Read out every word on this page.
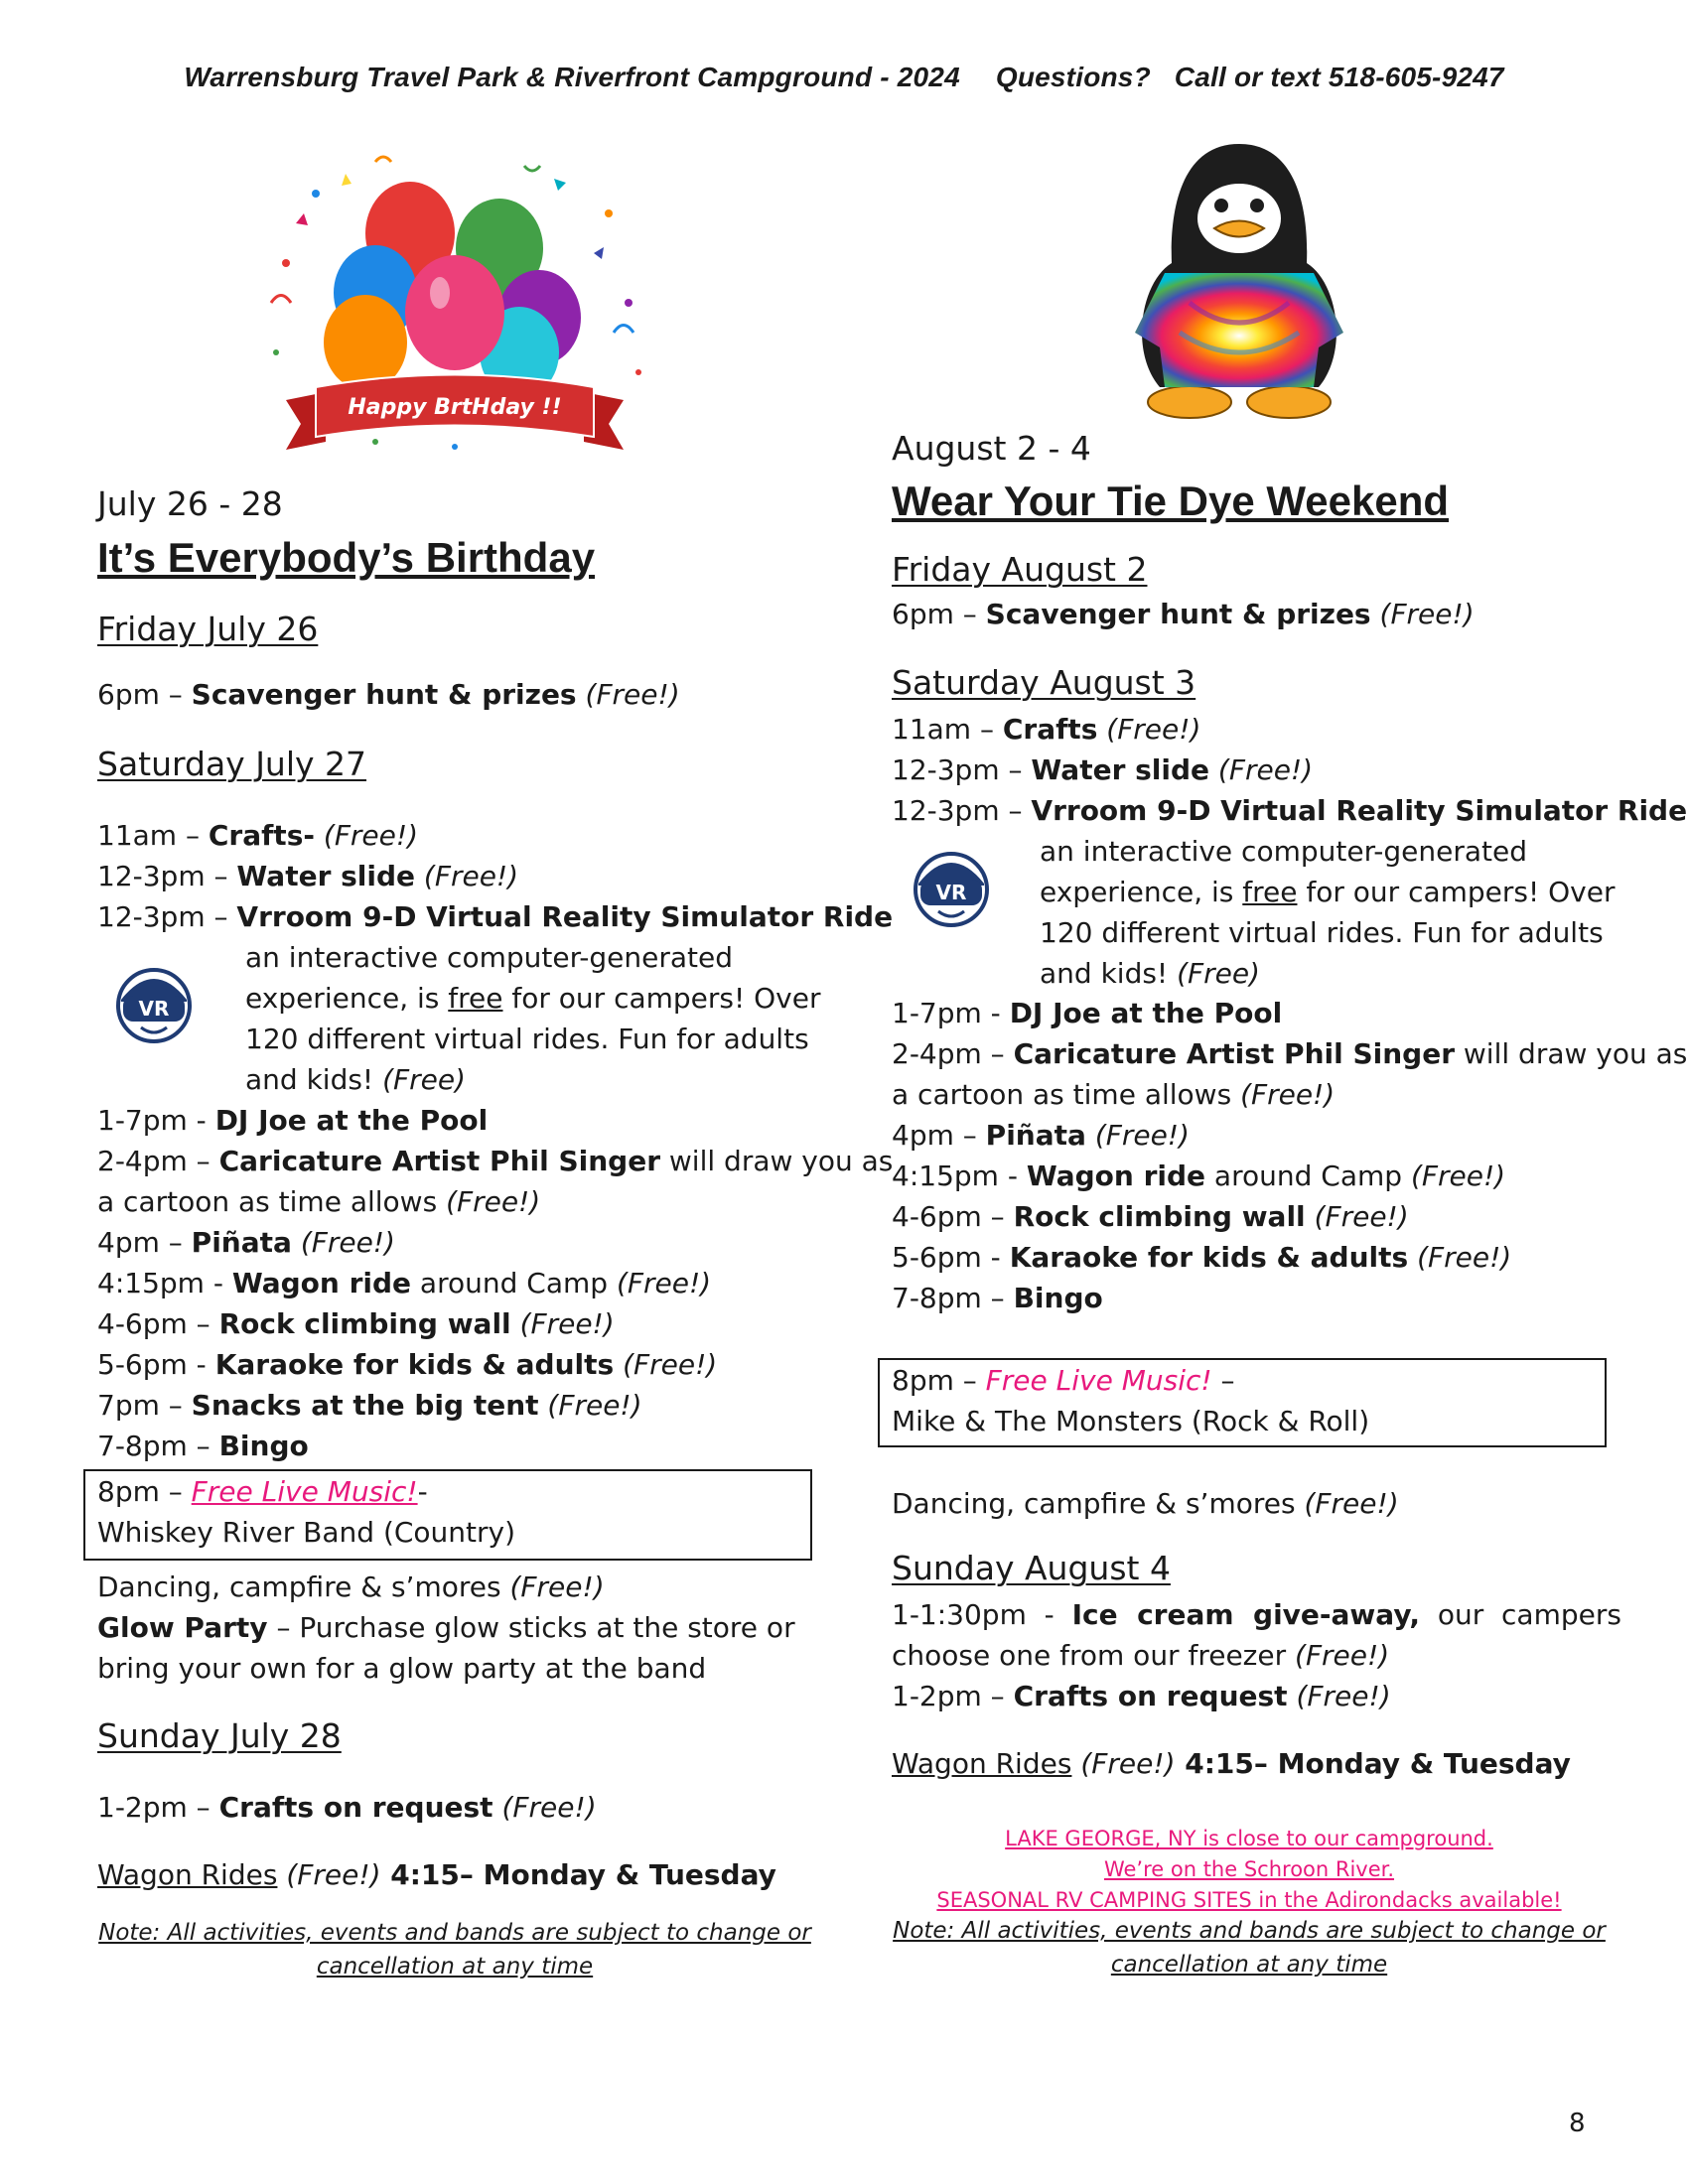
Warrensburg Travel Park & Riverfront Campground - 2024 Questions?   Call or text 518-605-9247
Happy BrtHday !!
July 26 - 28
It’s Everybody’s Birthday
Friday July 26
6pm – Scavenger hunt & prizes (Free!)
Saturday July 27
11am – Crafts- (Free!)
12-3pm – Water slide (Free!)
12-3pm – Vrroom 9-D Virtual Reality Simulator Ride
VR
an interactive computer-generated
experience, is free for our campers! Over
120 different virtual rides. Fun for adults
and kids! (Free)
1-7pm - DJ Joe at the Pool
2-4pm – Caricature Artist Phil Singer will draw you as
a cartoon as time allows (Free!)
4pm – Piñata (Free!)
4:15pm - Wagon ride around Camp (Free!)
4-6pm – Rock climbing wall (Free!)
5-6pm - Karaoke for kids & adults (Free!)
7pm – Snacks at the big tent (Free!)
7-8pm – Bingo
8pm – Free Live Music!-
Whiskey River Band (Country)
Dancing, campfire & s’mores (Free!)
Glow Party – Purchase glow sticks at the store or
bring your own for a glow party at the band
Sunday July 28
1-2pm – Crafts on request (Free!)
Wagon Rides (Free!) 4:15– Monday & Tuesday
Note: All activities, events and bands are subject to change or
cancellation at any time
August 2 - 4
Wear Your Tie Dye Weekend
Friday August 2
6pm – Scavenger hunt & prizes (Free!)
Saturday August 3
11am – Crafts (Free!)
12-3pm – Water slide (Free!)
12-3pm – Vrroom 9-D Virtual Reality Simulator Ride
VR
an interactive computer-generated
experience, is free for our campers! Over
120 different virtual rides. Fun for adults
and kids! (Free)
1-7pm - DJ Joe at the Pool
2-4pm – Caricature Artist Phil Singer will draw you as
a cartoon as time allows (Free!)
4pm – Piñata (Free!)
4:15pm - Wagon ride around Camp (Free!)
4-6pm – Rock climbing wall (Free!)
5-6pm - Karaoke for kids & adults (Free!)
7-8pm – Bingo
8pm – Free Live Music! –
Mike & The Monsters (Rock & Roll)
Dancing, campfire & s’mores (Free!)
Sunday August 4
1-1:30pm  -  Ice  cream  give-away,  our  campers
choose one from our freezer (Free!)
1-2pm – Crafts on request (Free!)
Wagon Rides (Free!) 4:15– Monday & Tuesday
LAKE GEORGE, NY is close to our campground.
We’re on the Schroon River.
SEASONAL RV CAMPING SITES in the Adirondacks available!
Note: All activities, events and bands are subject to change or
cancellation at any time
8
